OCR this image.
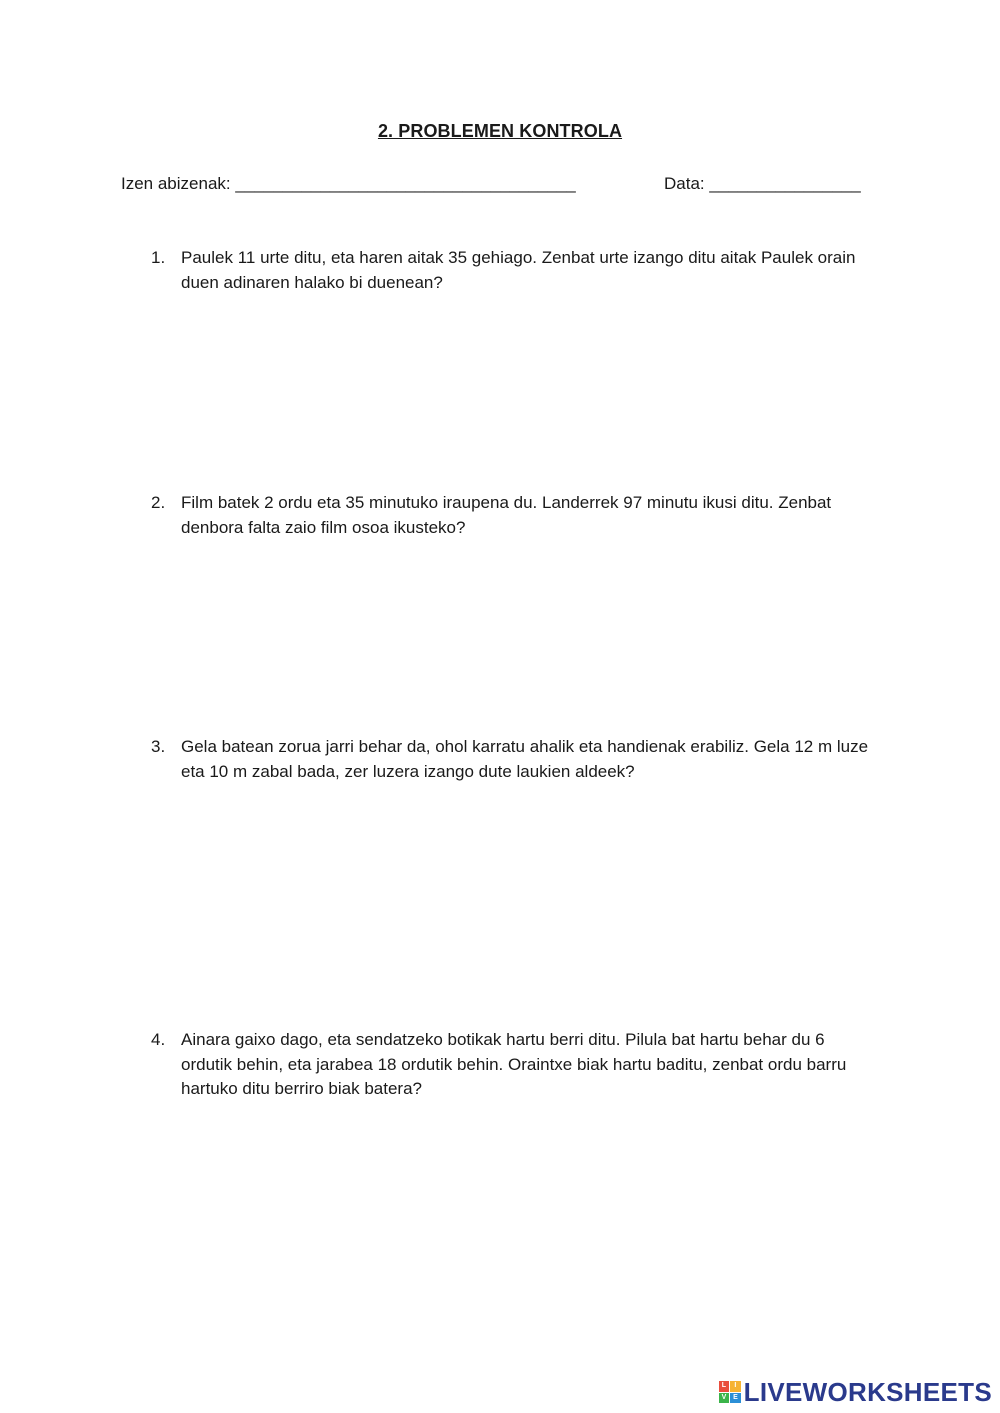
2. PROBLEMEN KONTROLA
Izen abizenak: ____________________________________	Data: ________________
1. Paulek 11 urte ditu, eta haren aitak 35 gehiago. Zenbat urte izango ditu aitak Paulek orain duen adinaren halako bi duenean?
2. Film batek 2 ordu eta 35 minutuko iraupena du. Landerrek 97 minutu ikusi ditu. Zenbat denbora falta zaio film osoa ikusteko?
3. Gela batean zorua jarri behar da, ohol karratu ahalik eta handienak erabiliz. Gela 12 m luze eta 10 m zabal bada, zer luzera izango dute laukien aldeek?
4. Ainara gaixo dago, eta sendatzeko botikak hartu berri ditu. Pilula bat hartu behar du 6 ordutik behin, eta jarabea 18 ordutik behin. Oraintxe biak hartu baditu, zenbat ordu barru hartuko ditu berriro biak batera?
L	I
V E LIVEWORKSHEETS
